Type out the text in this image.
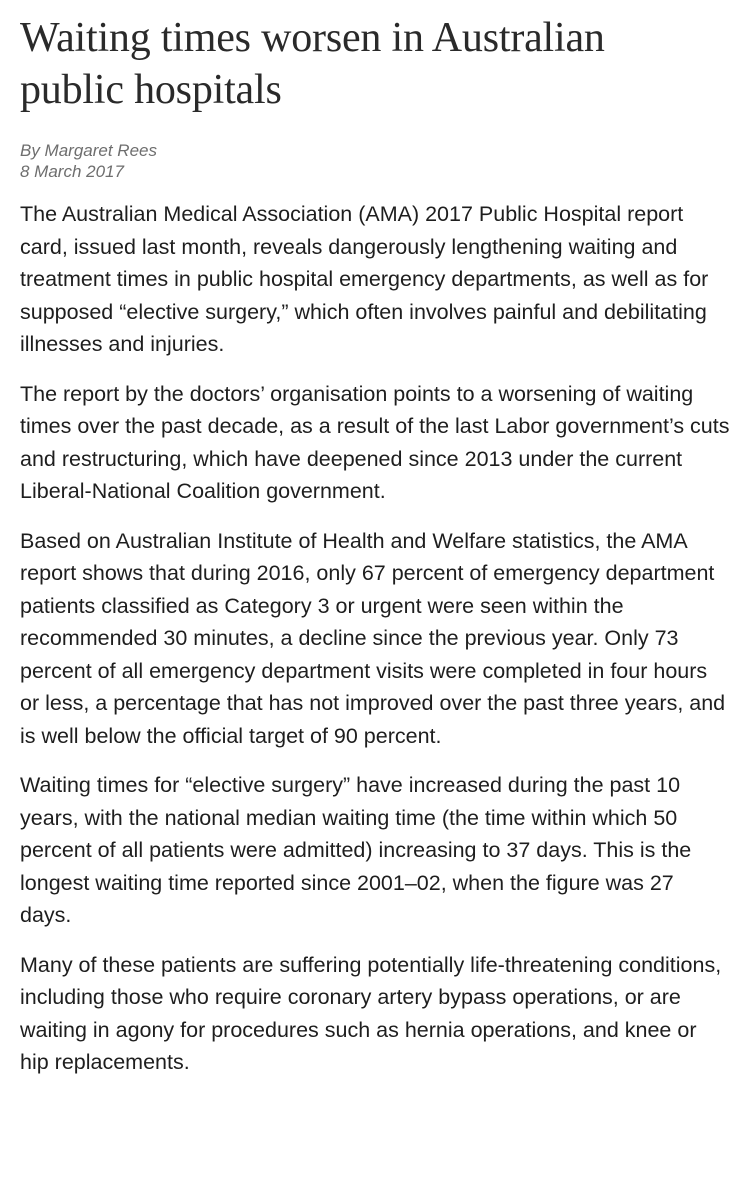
Waiting times worsen in Australian public hospitals

By Margaret Rees

8 March 2017

The Australian Medical Association (AMA) 2017 Public Hospital report card, issued last month, reveals dangerously lengthening waiting and treatment times in public hospital emergency departments, as well as for supposed “elective surgery,” which often involves painful and debilitating illnesses and injuries.

The report by the doctors’ organisation points to a worsening of waiting times over the past decade, as a result of the last Labor government’s cuts and restructuring, which have deepened since 2013 under the current Liberal-National Coalition government.

Based on Australian Institute of Health and Welfare statistics, the AMA report shows that during 2016, only 67 percent of emergency department patients classified as Category 3 or urgent were seen within the recommended 30 minutes, a decline since the previous year. Only 73 percent of all emergency department visits were completed in four hours or less, a percentage that has not improved over the past three years, and is well below the official target of 90 percent.

Waiting times for “elective surgery” have increased during the past 10 years, with the national median waiting time (the time within which 50 percent of all patients were admitted) increasing to 37 days. This is the longest waiting time reported since 2001–02, when the figure was 27 days.

Many of these patients are suffering potentially life-threatening conditions, including those who require coronary artery bypass operations, or are waiting in agony for procedures such as hernia operations, and knee or hip replacements.
